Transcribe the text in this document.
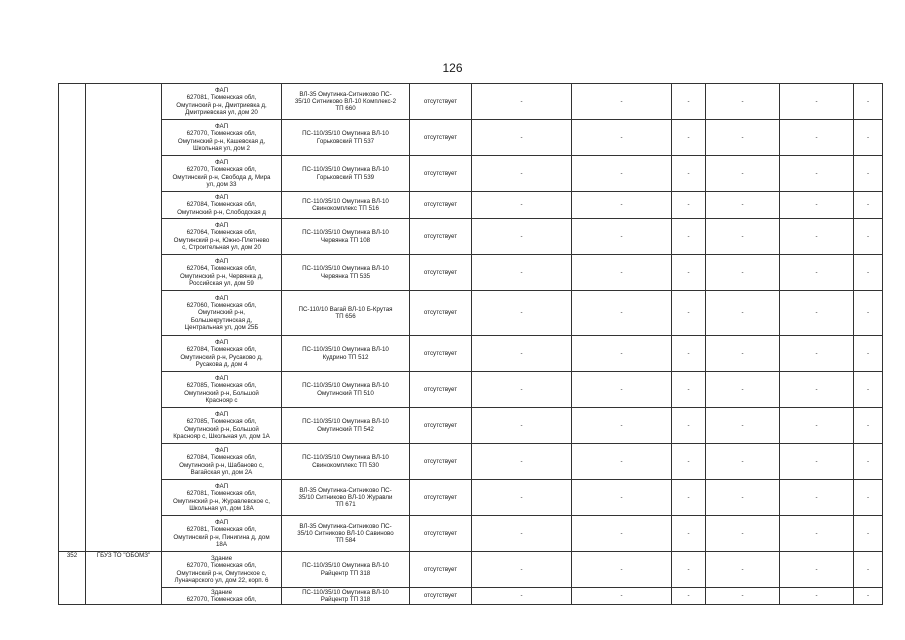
126

		ФАП
627081, Тюменская обл,
Омутинский р-н, Дмитриевка д,
Дмитриевская ул, дом 20	ВЛ-35 Омутинка-Ситниково ПС-
35/10 Ситниково ВЛ-10 Комплекс-2
ТП 660	отсутствует	-	-	-	-	-	-

		ФАП
627070, Тюменская обл,
Омутинский р-н, Кашевская д,
Школьная ул, дом 2	ПС-110/35/10 Омутинка ВЛ-10
Горьковский ТП 537	отсутствует	-	-	-	-	-	-

		ФАП
627070, Тюменская обл,
Омутинский р-н, Свобода д, Мира
ул, дом 33	ПС-110/35/10 Омутинка ВЛ-10
Горьковский ТП 539	отсутствует	-	-	-	-	-	-

		ФАП
627084, Тюменская обл,
Омутинский р-н, Слободская д	ПС-110/35/10 Омутинка ВЛ-10
Свинокомплекс ТП 516	отсутствует	-	-	-	-	-	-

		ФАП
627064, Тюменская обл,
Омутинский р-н, Южно-Плетнево
с, Строительная ул, дом 20	ПС-110/35/10 Омутинка ВЛ-10
Червянка ТП 108	отсутствует	-	-	-	-	-	-

		ФАП
627064, Тюменская обл,
Омутинский р-н, Червянка д,
Российская ул, дом 59	ПС-110/35/10 Омутинка ВЛ-10
Червянка ТП 535	отсутствует	-	-	-	-	-	-

		ФАП
627060, Тюменская обл,
Омутинский р-н,
Большекрутинская д,
Центральная ул, дом 25Б	ПС-110/10 Вагай ВЛ-10 Б-Крутая
ТП 656	отсутствует	-	-	-	-	-	-

		ФАП
627084, Тюменская обл,
Омутинский р-н, Русаково д,
Русакова д, дом 4	ПС-110/35/10 Омутинка ВЛ-10
Кудрино ТП 512	отсутствует	-	-	-	-	-	-

		ФАП
627085, Тюменская обл,
Омутинский р-н, Большой
Краснояр с	ПС-110/35/10 Омутинка ВЛ-10
Омутинский ТП 510	отсутствует	-	-	-	-	-	-

		ФАП
627085, Тюменская обл,
Омутинский р-н, Большой
Краснояр с, Школьная ул, дом 1А	ПС-110/35/10 Омутинка ВЛ-10
Омутинский ТП 542	отсутствует	-	-	-	-	-	-

		ФАП
627084, Тюменская обл,
Омутинский р-н, Шабаново с,
Вагайская ул, дом 2А	ПС-110/35/10 Омутинка ВЛ-10
Свинокомплекс ТП 530	отсутствует	-	-	-	-	-	-

		ФАП
627081, Тюменская обл,
Омутинский р-н, Журавлевское с,
Школьная ул, дом 18А	ВЛ-35 Омутинка-Ситниково ПС-
35/10 Ситниково ВЛ-10 Журавли
ТП 671	отсутствует	-	-	-	-	-	-

		ФАП
627081, Тюменская обл,
Омутинский р-н, Пинигина д, дом
18А	ВЛ-35 Омутинка-Ситниково ПС-
35/10 Ситниково ВЛ-10 Савиново
ТП 584	отсутствует	-	-	-	-	-	-
352	ГБУЗ ТО "ОБОМЗ"	Здание
627070, Тюменская обл,
Омутинский р-н, Омутинское с,
Луначарского ул, дом 22, корп. 6	ПС-110/35/10 Омутинка ВЛ-10
Райцентр ТП 318	отсутствует	-	-	-	-	-	-

		Здание
627070, Тюменская обл,	ПС-110/35/10 Омутинка ВЛ-10
Райцентр ТП 318	отсутствует	-	-	-	-	-	-
